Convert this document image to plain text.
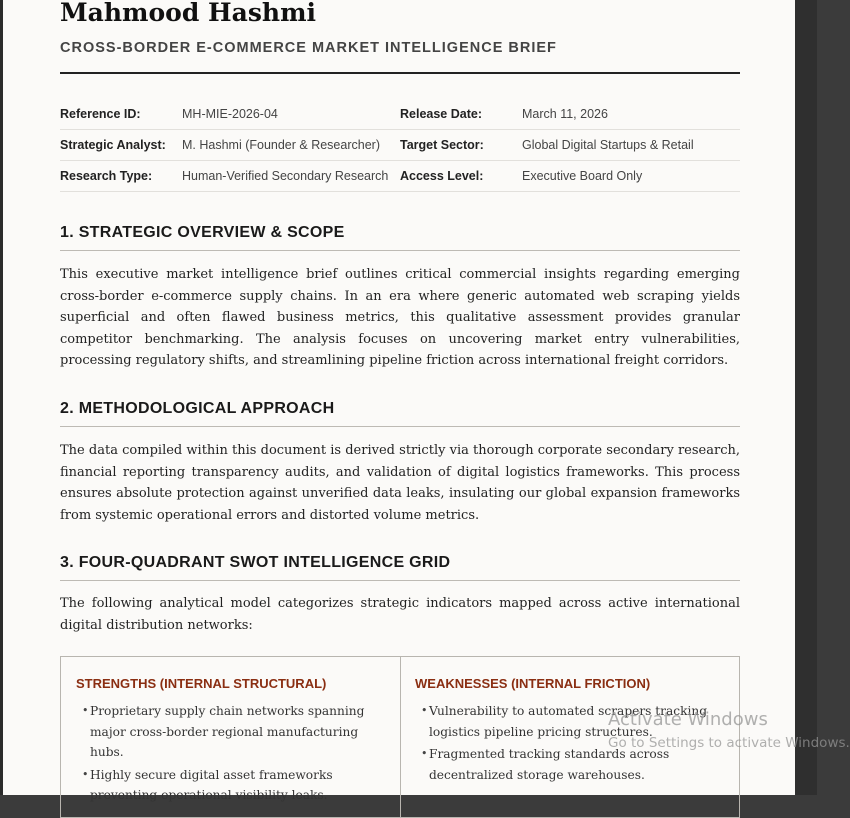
Mahmood Hashmi
CROSS-BORDER E-COMMERCE MARKET INTELLIGENCE BRIEF
Reference ID:	MH-MIE-2026-04	Release Date:	March 11, 2026
Strategic Analyst: M. Hashmi (Founder & Researcher) Target Sector:	Global Digital Startups & Retail
Research Type: Human-Verified Secondary Research Access Level:	Executive Board Only
1. STRATEGIC OVERVIEW & SCOPE

This executive market intelligence brief outlines critical commercial insights regarding emerging cross-border e-commerce supply chains. In an era where generic automated web scraping yields superficial and often flawed business metrics, this qualitative assessment provides granular competitor benchmarking. The analysis focuses on uncovering market entry vulnerabilities, processing regulatory shifts, and streamlining pipeline friction across international freight corridors.

2. METHODOLOGICAL APPROACH

The data compiled within this document is derived strictly via thorough corporate secondary research, financial reporting transparency audits, and validation of digital logistics frameworks. This process ensures absolute protection against unverified data leaks, insulating our global expansion frameworks from systemic operational errors and distorted volume metrics.

3. FOUR-QUADRANT SWOT INTELLIGENCE GRID

The following analytical model categorizes strategic indicators mapped across active international digital distribution networks:

STRENGTHS (INTERNAL STRUCTURAL)
• Proprietary supply chain networks spanning major cross-border regional manufacturing hubs.
• Highly secure digital asset frameworks preventing operational visibility leaks.
WEAKNESSES (INTERNAL FRICTION)
• Vulnerability to automated scrapers tracking logistics pipeline pricing structures.
• Fragmented tracking standards across decentralized storage warehouses.
Activate Windows
Go to Settings to activate Windows.
